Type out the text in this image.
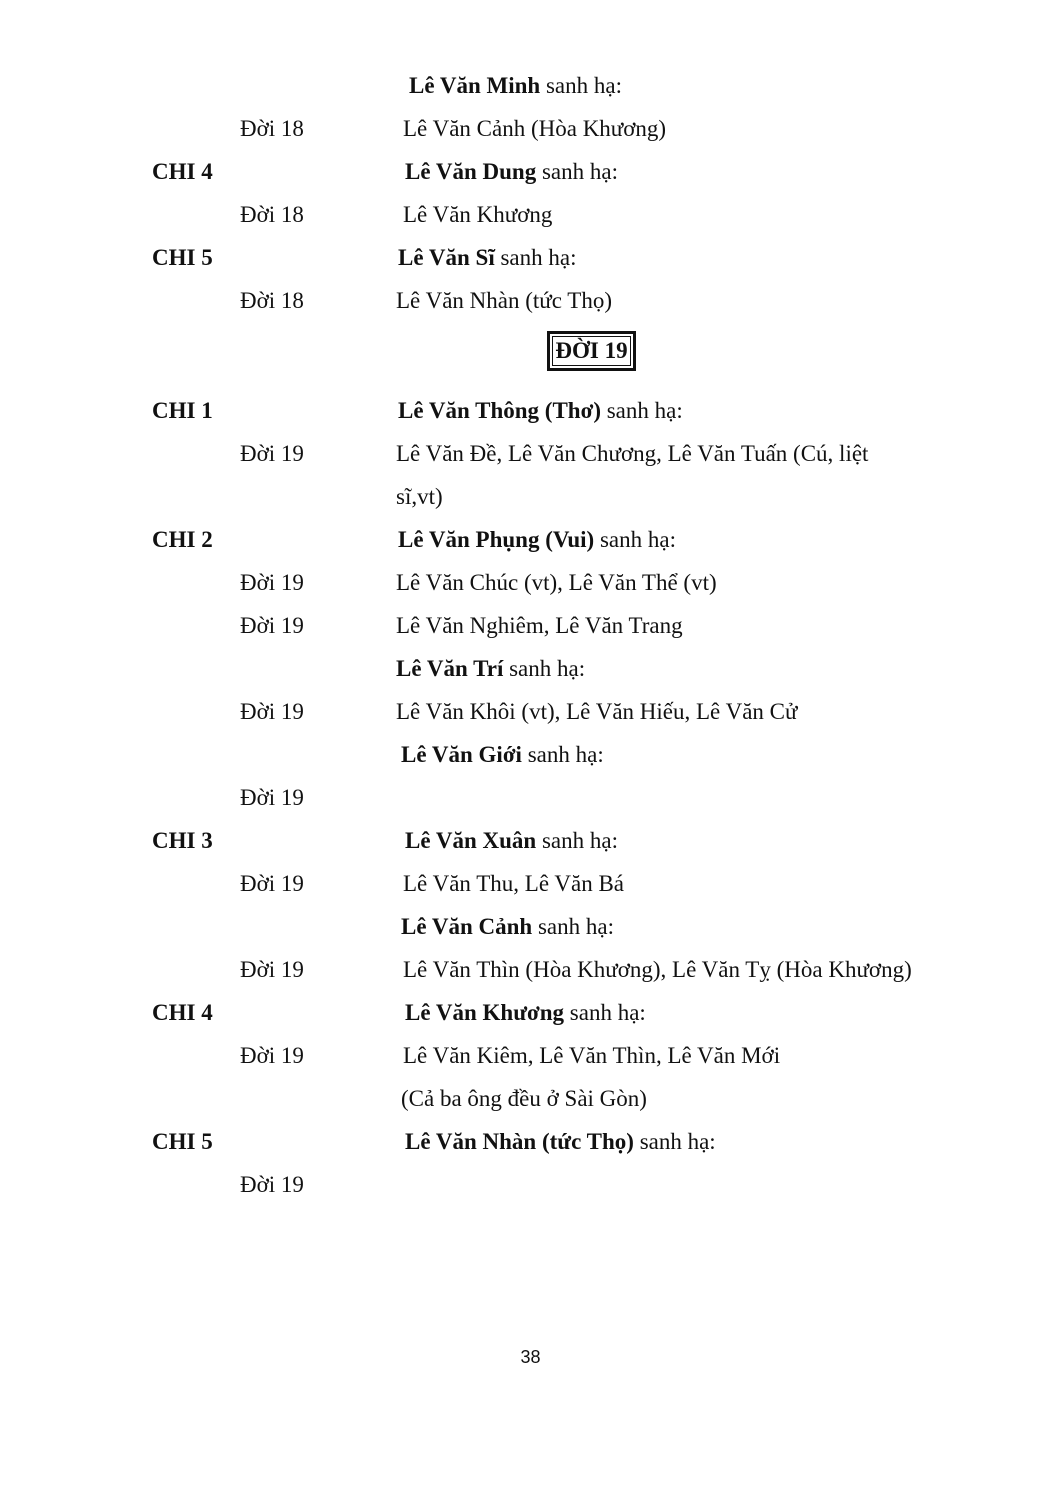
Lê Văn Minh sanh hạ:
Đời 18	Lê Văn Cảnh (Hòa Khương)
CHI 4	Lê Văn Dung sanh hạ:
Đời 18	Lê Văn Khương
CHI 5	Lê Văn Sĩ sanh hạ:
Đời 18	Lê Văn Nhàn (tức Thọ)
ĐỜI 19
CHI 1	Lê Văn Thông (Thơ) sanh hạ:
Đời 19	Lê Văn Đề, Lê Văn Chương, Lê Văn Tuấn (Cú, liệt
sĩ,vt)
CHI 2	Lê Văn Phụng (Vui) sanh hạ:
Đời 19	Lê Văn Chúc (vt), Lê Văn Thể (vt)
Đời 19	Lê Văn Nghiêm, Lê Văn Trang
Lê Văn Trí sanh hạ:
Đời 19	Lê Văn Khôi (vt), Lê Văn Hiếu, Lê Văn Cử
Lê Văn Giới sanh hạ:
Đời 19
CHI 3	Lê Văn Xuân sanh hạ:
Đời 19	Lê Văn Thu, Lê Văn Bá
Lê Văn Cảnh sanh hạ:
Đời 19	Lê Văn Thìn (Hòa Khương), Lê Văn Tỵ (Hòa Khương)
CHI 4	Lê Văn Khương sanh hạ:
Đời 19	Lê Văn Kiêm, Lê Văn Thìn, Lê Văn Mới
(Cả ba ông đều ở Sài Gòn)
CHI 5	Lê Văn Nhàn (tức Thọ) sanh hạ:
Đời 19
38
